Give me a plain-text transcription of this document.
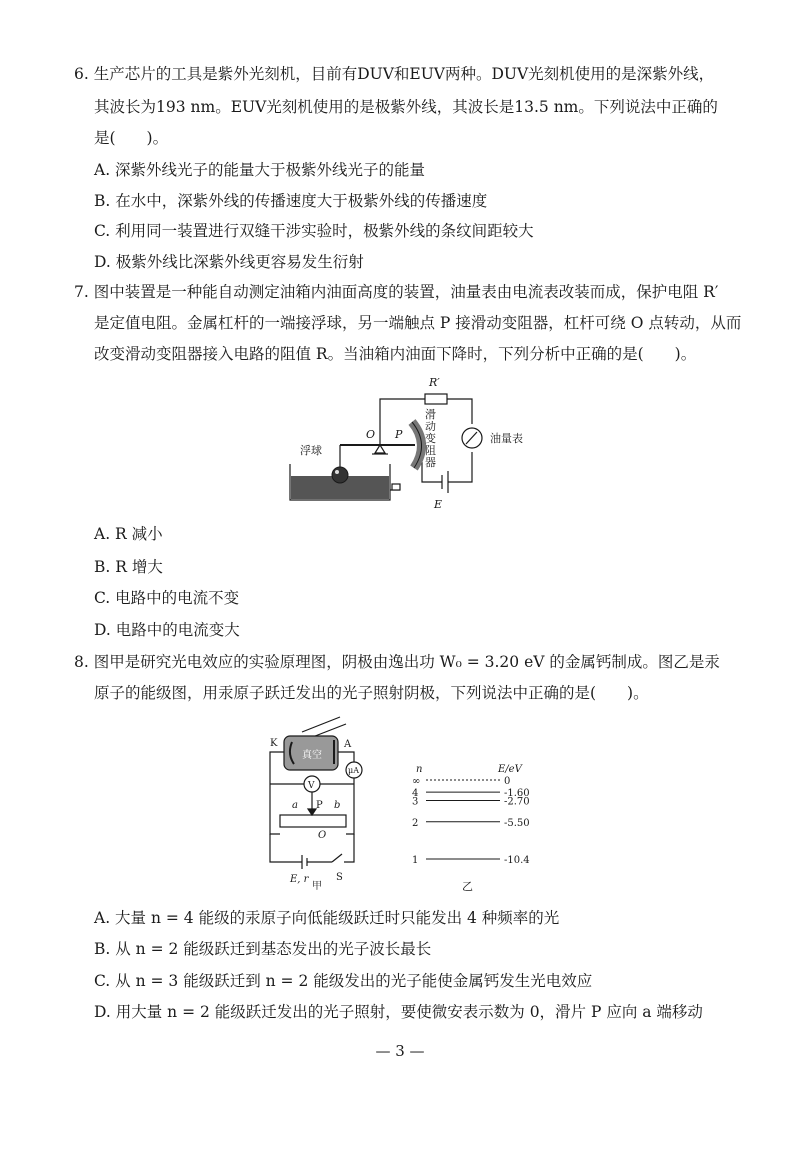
6. 生产芯片的工具是紫外光刻机，目前有DUV和EUV两种。DUV光刻机使用的是深紫外线，
其波长为193 nm。EUV光刻机使用的是极紫外线，其波长是13.5 nm。下列说法中正确的
是(　　)。
A. 深紫外线光子的能量大于极紫外线光子的能量
B. 在水中，深紫外线的传播速度大于极紫外线的传播速度
C. 利用同一装置进行双缝干涉实验时，极紫外线的条纹间距较大
D. 极紫外线比深紫外线更容易发生衍射
7. 图中装置是一种能自动测定油箱内油面高度的装置，油量表由电流表改装而成，保护电阻 R′
是定值电阻。金属杠杆的一端接浮球，另一端触点 P 接滑动变阻器，杠杆可绕 O 点转动，从而
改变滑动变阻器接入电路的阻值 R。当油箱内油面下降时，下列分析中正确的是(　　)。
R′
O P
E
浮球
油量表
滑
动
变
阻
器
A. R 减小
B. R 增大
C. 电路中的电流不变
D. 电路中的电流变大
8. 图甲是研究光电效应的实验原理图，阴极由逸出功 W₀ = 3.20 eV 的金属钙制成。图乙是汞
原子的能级图，用汞原子跃迁发出的光子照射阴极，下列说法中正确的是(　　)。
K	A
真空
μA
V
a P b
O
E, r	S
甲
n	E/eV
∞	0
4	-1.60
3	-2.70
2	-5.50
1	-10.4
乙
A. 大量 n = 4 能级的汞原子向低能级跃迁时只能发出 4 种频率的光
B. 从 n = 2 能级跃迁到基态发出的光子波长最长
C. 从 n = 3 能级跃迁到 n = 2 能级发出的光子能使金属钙发生光电效应
D. 用大量 n = 2 能级跃迁发出的光子照射，要使微安表示数为 0，滑片 P 应向 a 端移动
— 3 —
